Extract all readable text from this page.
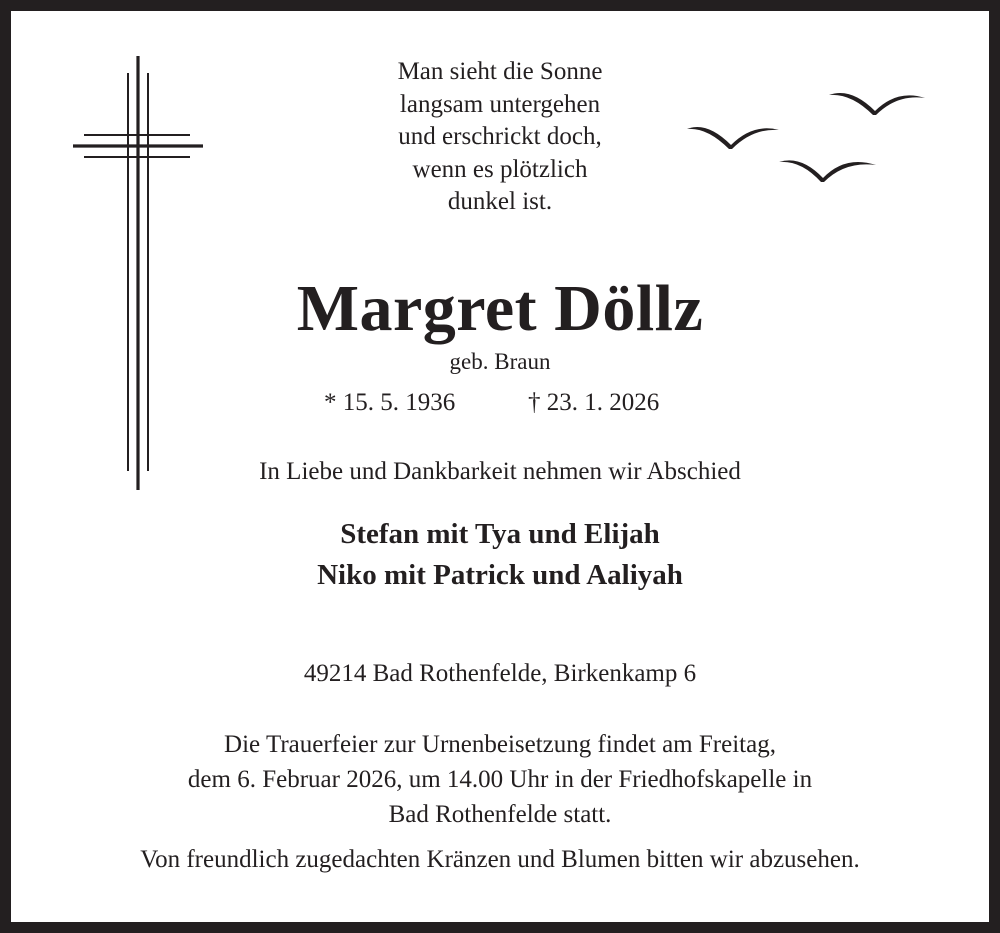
Man sieht die Sonne
langsam untergehen
und erschrickt doch,
wenn es plötzlich
dunkel ist.
Margret Döllz
geb. Braun
* 15. 5. 1936	† 23. 1. 2026
In Liebe und Dankbarkeit nehmen wir Abschied
Stefan mit Tya und Elijah
Niko mit Patrick und Aaliyah
49214 Bad Rothenfelde, Birkenkamp 6
Die Trauerfeier zur Urnenbeisetzung findet am Freitag,
dem 6. Februar 2026, um 14.00 Uhr in der Friedhofskapelle in
Bad Rothenfelde statt.
Von freundlich zugedachten Kränzen und Blumen bitten wir abzusehen.
